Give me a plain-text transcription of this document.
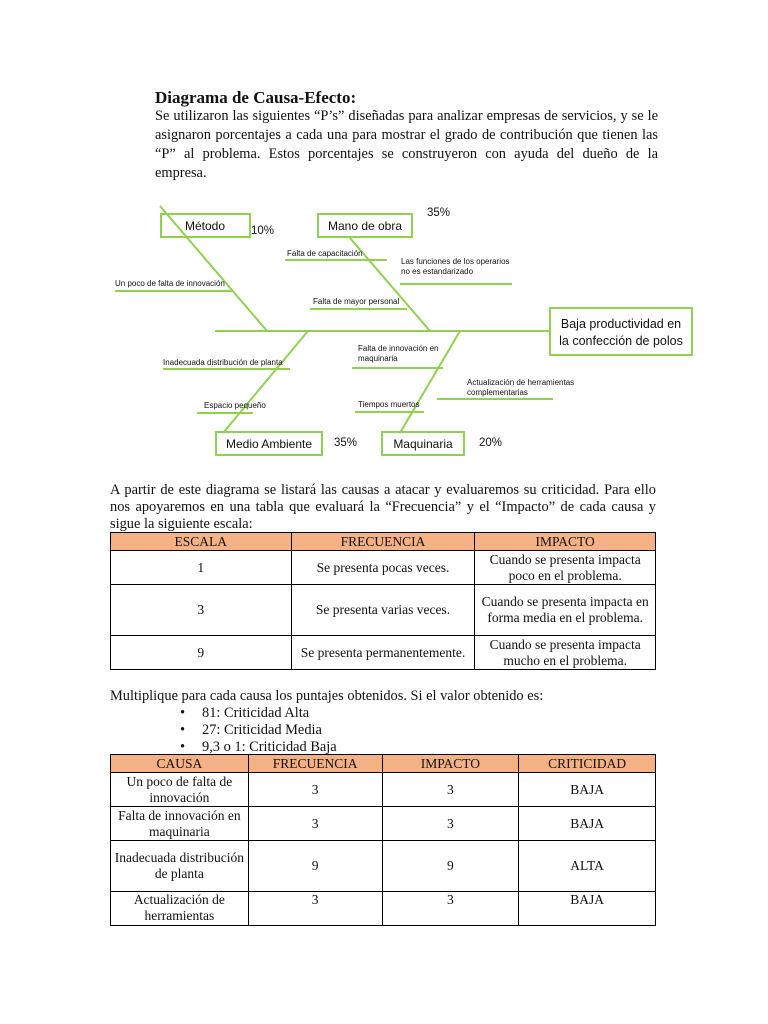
Diagrama de Causa-Efecto:
Se utilizaron las siguientes “P’s” diseñadas para analizar empresas de servicios, y se le asignaron porcentajes a cada una para mostrar el grado de contribución que tienen las “P” al problema. Estos porcentajes se construyeron con ayuda del dueño de la empresa.
Método	Mano de obra
Medio Ambiente	Maquinaria
10%
35%
35%	20%
Baja productividad en
la confección de polos
Un poco de falta de innovación
Falta de capacitación
Las funciones de los operarios
no es estandarizado
Falta de mayor personal
Inadecuada distribución de planta
Espacio pequeño
Falta de innovación en
maquinaria
Actualización de herramientas
complementarias
Tiempos muertos
A partir de este diagrama se listará las causas a atacar y evaluaremos su criticidad. Para ello nos apoyaremos en una tabla que evaluará la “Frecuencia” y el “Impacto” de cada causa y sigue la siguiente escala:
ESCALA	FRECUENCIA	IMPACTO
1	Se presenta pocas veces.	Cuando se presenta impacta poco en el problema.
3	Se presenta varias veces.	Cuando se presenta impacta en forma media en el problema.
9	Se presenta permanentemente.	Cuando se presenta impacta mucho en el problema.
Multiplique para cada causa los puntajes obtenidos. Si el valor obtenido es:
• 81: Criticidad Alta
• 27: Criticidad Media
• 9,3 o 1: Criticidad Baja
CAUSA	FRECUENCIA	IMPACTO	CRITICIDAD
Un poco de falta de innovación	3	3	BAJA
Falta de innovación en maquinaria	3	3	BAJA
Inadecuada distribución de planta	9	9	ALTA
Actualización de herramientas	3	3	BAJA
